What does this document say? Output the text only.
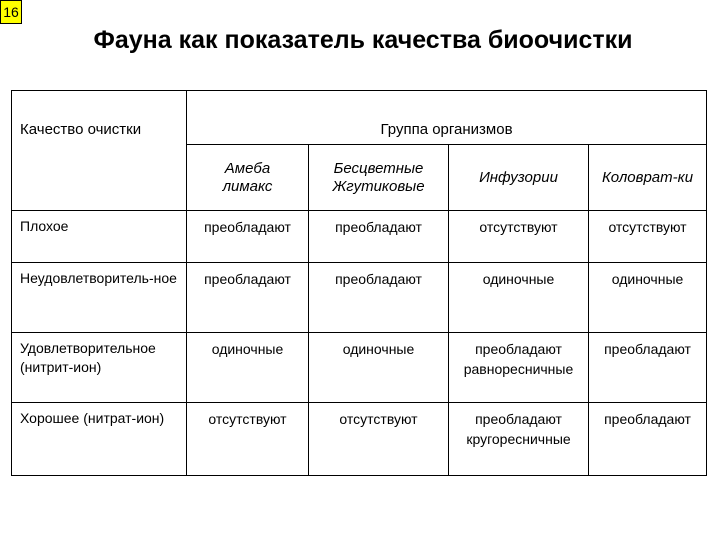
16
Фауна как показатель качества биоочистки
Качество очистки	Группа организмов			
	Амеба лимакс	Бесцветные Жгутиковые	Инфузории	Коловрат-ки
Плохое	преобладают	преобладают	отсутствуют	отсутствуют
Неудовлетворитель-ное	преобладают	преобладают	одиночные	одиночные
Удовлетворительное (нитрит-ион)	одиночные	одиночные	преобладают равноресничные	преобладают
Хорошее (нитрат-ион)	отсутствуют	отсутствуют	преобладают кругоресничные	преобладают
